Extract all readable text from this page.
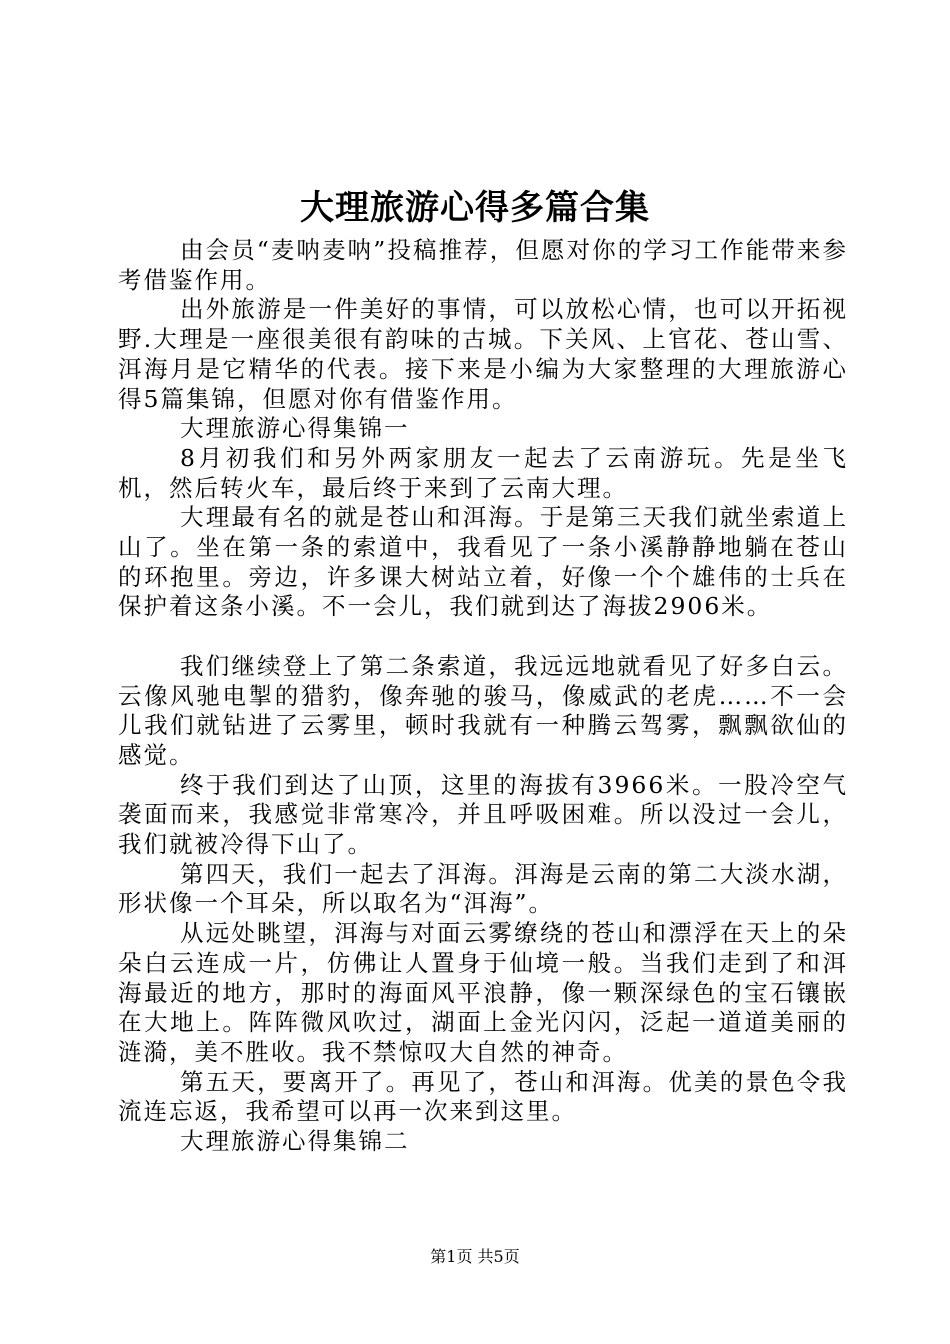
大理旅游心得多篇合集

由会员“麦呐麦呐”投稿推荐，但愿对你的学习工作能带来参考借鉴作用。

出外旅游是一件美好的事情，可以放松心情，也可以开拓视野.大理是一座很美很有韵味的古城。下关风、上官花、苍山雪、洱海月是它精华的代表。接下来是小编为大家整理的大理旅游心得5篇集锦，但愿对你有借鉴作用。

大理旅游心得集锦一

8月初我们和另外两家朋友一起去了云南游玩。先是坐飞机，然后转火车，最后终于来到了云南大理。

大理最有名的就是苍山和洱海。于是第三天我们就坐索道上山了。坐在第一条的索道中，我看见了一条小溪静静地躺在苍山的环抱里。旁边，许多课大树站立着，好像一个个雄伟的士兵在保护着这条小溪。不一会儿，我们就到达了海拔2906米。

我们继续登上了第二条索道，我远远地就看见了好多白云。云像风驰电掣的猎豹，像奔驰的骏马，像威武的老虎……不一会儿我们就钻进了云雾里，顿时我就有一种腾云驾雾，飘飘欲仙的感觉。

终于我们到达了山顶，这里的海拔有3966米。一股冷空气袭面而来，我感觉非常寒冷，并且呼吸困难。所以没过一会儿，我们就被冷得下山了。

第四天，我们一起去了洱海。洱海是云南的第二大淡水湖，形状像一个耳朵，所以取名为“洱海”。

从远处眺望，洱海与对面云雾缭绕的苍山和漂浮在天上的朵朵白云连成一片，仿佛让人置身于仙境一般。当我们走到了和洱海最近的地方，那时的海面风平浪静，像一颗深绿色的宝石镶嵌在大地上。阵阵微风吹过，湖面上金光闪闪，泛起一道道美丽的涟漪，美不胜收。我不禁惊叹大自然的神奇。

第五天，要离开了。再见了，苍山和洱海。优美的景色令我流连忘返，我希望可以再一次来到这里。

大理旅游心得集锦二

第1页 共5页
